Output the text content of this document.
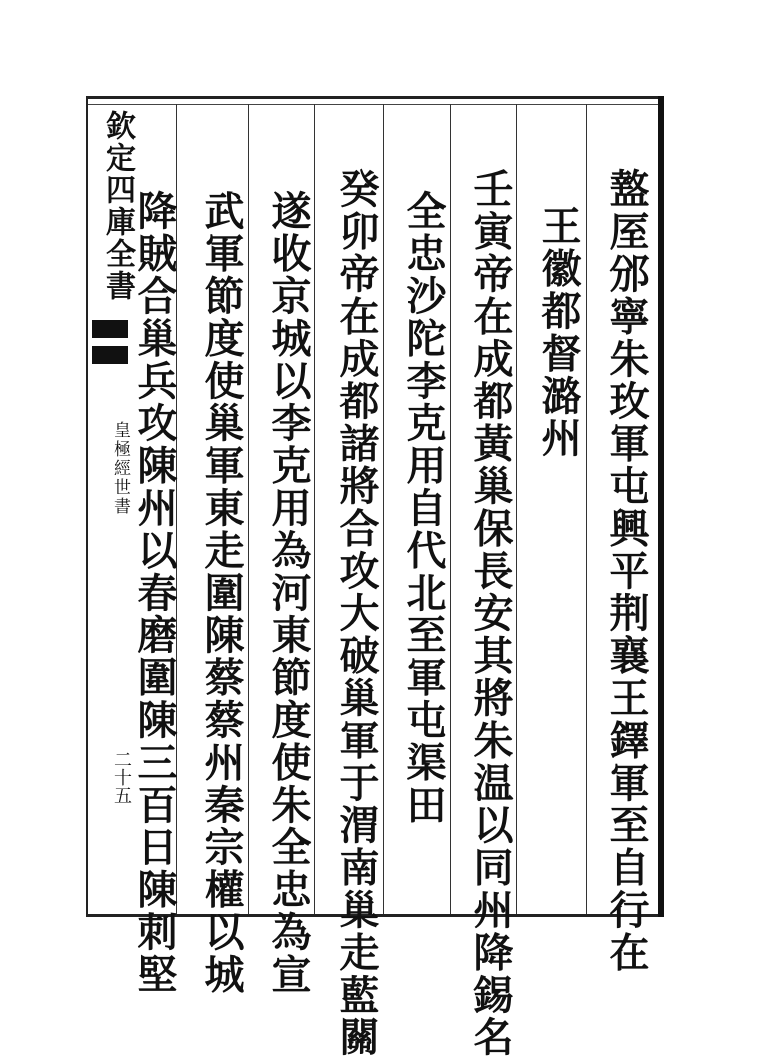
欽定四庫全書
皇極經世書
二十五	盩厔邠寧朱玫軍屯興平荆襄王鐸軍至自行在
王徽都督潞州
壬寅帝在成都黃巢保長安其將朱温以同州降錫名
全忠沙陀李克用自代北至軍屯渠田
癸卯帝在成都諸將合攻大破巢軍于渭南巢走藍關
遂收京城以李克用為河東節度使朱全忠為宣
武軍節度使巢軍東走圍陳蔡蔡州秦宗權以城
降賊合巢兵攻陳州以春磨圍陳三百日陳刺堅
